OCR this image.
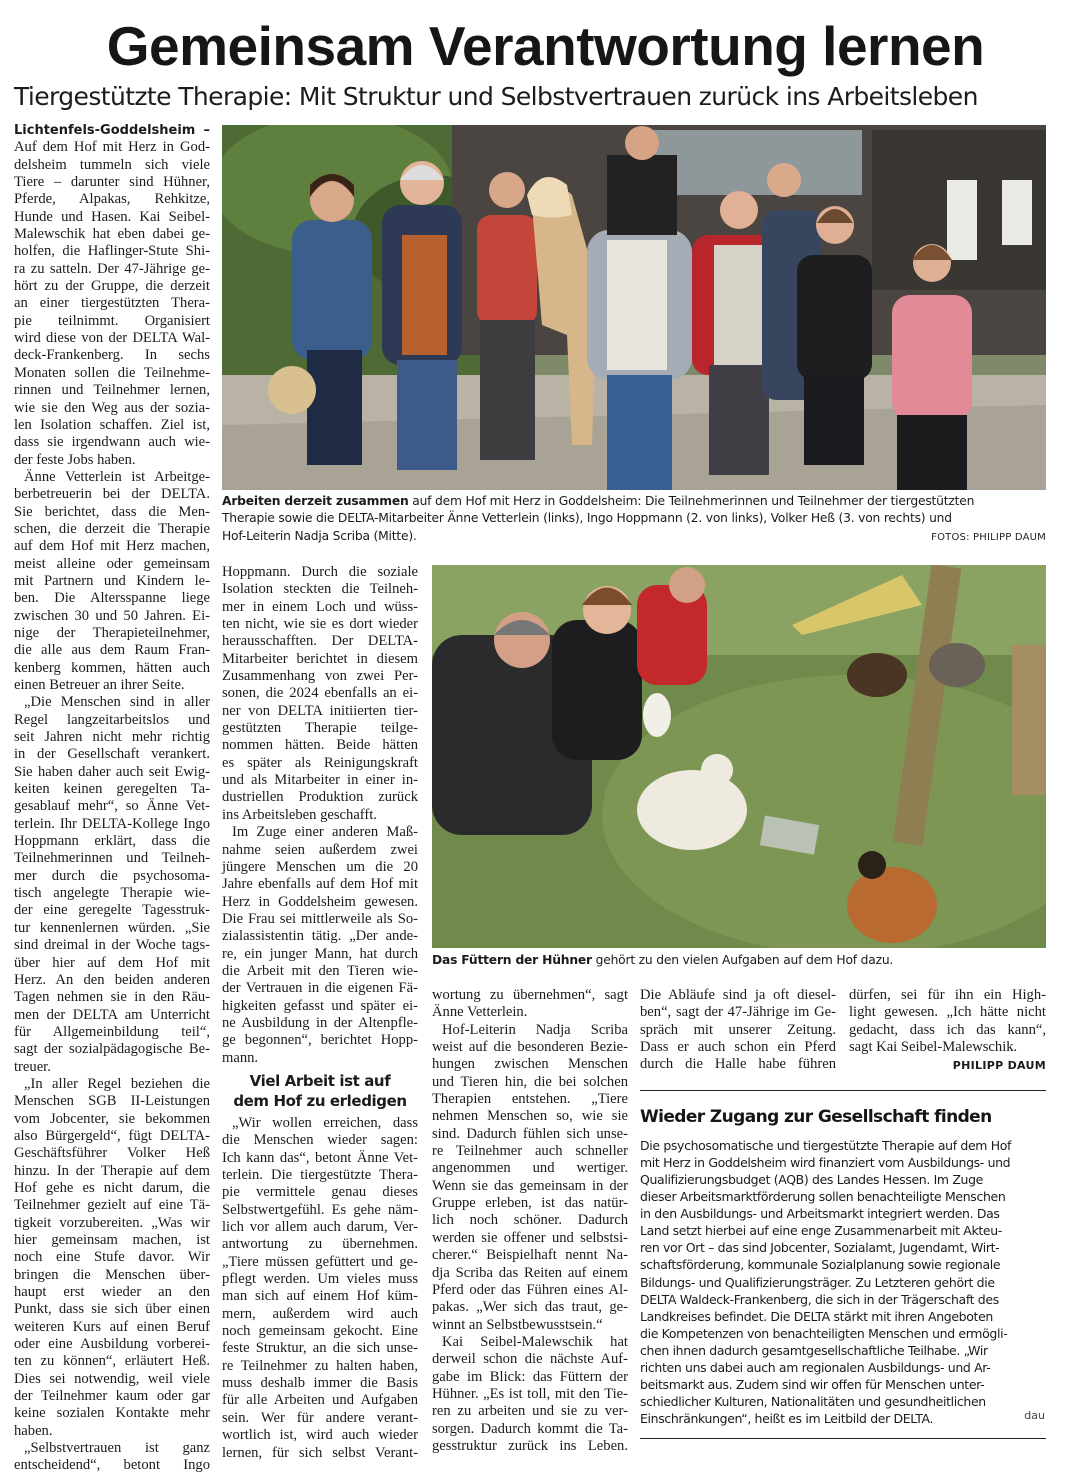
Gemeinsam Verantwortung lernen
Tiergestützte Therapie: Mit Struktur und Selbstvertrauen zurück ins Arbeitsleben
Arbeiten derzeit zusammen auf dem Hof mit Herz in Goddelsheim: Die Teilnehmerinnen und Teilnehmer der tiergestützten
Therapie sowie die DELTA-Mitarbeiter Änne Vetterlein (links), Ingo Hoppmann (2. von links), Volker Heß (3. von rechts) und
Hof-Leiterin Nadja Scriba (Mitte).	FOTOS: PHILIPP DAUM
Das Füttern der Hühner gehört zu den vielen Aufgaben auf dem Hof dazu.
Lichtenfels-Goddelsheim –
Auf dem Hof mit Herz in God-
delsheim tummeln sich viele
Tiere – darunter sind Hühner,
Pferde, Alpakas, Rehkitze,
Hunde und Hasen. Kai Seibel-
Malewschik hat eben dabei ge-
holfen, die Haflinger-Stute Shi-
ra zu satteln. Der 47-Jährige ge-
hört zu der Gruppe, die derzeit
an einer tiergestützten Thera-
pie teilnimmt. Organisiert
wird diese von der DELTA Wal-
deck-Frankenberg. In sechs
Monaten sollen die Teilnehme-
rinnen und Teilnehmer lernen,
wie sie den Weg aus der sozia-
len Isolation schaffen. Ziel ist,
dass sie irgendwann auch wie-
der feste Jobs haben.
Änne Vetterlein ist Arbeitge-
berbetreuerin bei der DELTA.
Sie berichtet, dass die Men-
schen, die derzeit die Therapie
auf dem Hof mit Herz machen,
meist alleine oder gemeinsam
mit Partnern und Kindern le-
ben. Die Altersspanne liege
zwischen 30 und 50 Jahren. Ei-
nige der Therapieteilnehmer,
die alle aus dem Raum Fran-
kenberg kommen, hätten auch
einen Betreuer an ihrer Seite.
„Die Menschen sind in aller
Regel langzeitarbeitslos und
seit Jahren nicht mehr richtig
in der Gesellschaft verankert.
Sie haben daher auch seit Ewig-
keiten keinen geregelten Ta-
gesablauf mehr“, so Änne Vet-
terlein. Ihr DELTA-Kollege Ingo
Hoppmann erklärt, dass die
Teilnehmerinnen und Teilneh-
mer durch die psychosoma-
tisch angelegte Therapie wie-
der eine geregelte Tagesstruk-
tur kennenlernen würden. „Sie
sind dreimal in der Woche tags-
über hier auf dem Hof mit
Herz. An den beiden anderen
Tagen nehmen sie in den Räu-
men der DELTA am Unterricht
für Allgemeinbildung teil“,
sagt der sozialpädagogische Be-
treuer.
„In aller Regel beziehen die
Menschen SGB II-Leistungen
vom Jobcenter, sie bekommen
also Bürgergeld“, fügt DELTA-
Geschäftsführer Volker Heß
hinzu. In der Therapie auf dem
Hof gehe es nicht darum, die
Teilnehmer gezielt auf eine Tä-
tigkeit vorzubereiten. „Was wir
hier gemeinsam machen, ist
noch eine Stufe davor. Wir
bringen die Menschen über-
haupt erst wieder an den
Punkt, dass sie sich über einen
weiteren Kurs auf einen Beruf
oder eine Ausbildung vorberei-
ten zu können“, erläutert Heß.
Dies sei notwendig, weil viele
der Teilnehmer kaum oder gar
keine sozialen Kontakte mehr
haben.
„Selbstvertrauen ist ganz
entscheidend“, betont Ingo
Hoppmann. Durch die soziale
Isolation steckten die Teilneh-
mer in einem Loch und wüss-
ten nicht, wie sie es dort wieder
herausschafften. Der DELTA-
Mitarbeiter berichtet in diesem
Zusammenhang von zwei Per-
sonen, die 2024 ebenfalls an ei-
ner von DELTA initiierten tier-
gestützten Therapie teilge-
nommen hätten. Beide hätten
es später als Reinigungskraft
und als Mitarbeiter in einer in-
dustriellen Produktion zurück
ins Arbeitsleben geschafft.
Im Zuge einer anderen Maß-
nahme seien außerdem zwei
jüngere Menschen um die 20
Jahre ebenfalls auf dem Hof mit
Herz in Goddelsheim gewesen.
Die Frau sei mittlerweile als So-
zialassistentin tätig. „Der ande-
re, ein junger Mann, hat durch
die Arbeit mit den Tieren wie-
der Vertrauen in die eigenen Fä-
higkeiten gefasst und später ei-
ne Ausbildung in der Altenpfle-
ge begonnen“, berichtet Hopp-
mann.
Viel Arbeit ist auf
dem Hof zu erledigen
„Wir wollen erreichen, dass
die Menschen wieder sagen:
Ich kann das“, betont Änne Vet-
terlein. Die tiergestützte Thera-
pie vermittele genau dieses
Selbstwertgefühl. Es gehe näm-
lich vor allem auch darum, Ver-
antwortung zu übernehmen.
„Tiere müssen gefüttert und ge-
pflegt werden. Um vieles muss
man sich auf einem Hof küm-
mern, außerdem wird auch
noch gemeinsam gekocht. Eine
feste Struktur, an die sich unse-
re Teilnehmer zu halten haben,
muss deshalb immer die Basis
für alle Arbeiten und Aufgaben
sein. Wer für andere verant-
wortlich ist, wird auch wieder
lernen, für sich selbst Verant-
wortung zu übernehmen“, sagt
Änne Vetterlein.
Hof-Leiterin Nadja Scriba
weist auf die besonderen Bezie-
hungen zwischen Menschen
und Tieren hin, die bei solchen
Therapien entstehen. „Tiere
nehmen Menschen so, wie sie
sind. Dadurch fühlen sich unse-
re Teilnehmer auch schneller
angenommen und wertiger.
Wenn sie das gemeinsam in der
Gruppe erleben, ist das natür-
lich noch schöner. Dadurch
werden sie offener und selbstsi-
cherer.“ Beispielhaft nennt Na-
dja Scriba das Reiten auf einem
Pferd oder das Führen eines Al-
pakas. „Wer sich das traut, ge-
winnt an Selbstbewusstsein.“
Kai Seibel-Malewschik hat
derweil schon die nächste Auf-
gabe im Blick: das Füttern der
Hühner. „Es ist toll, mit den Tie-
ren zu arbeiten und sie zu ver-
sorgen. Dadurch kommt die Ta-
gesstruktur zurück ins Leben.
Die Abläufe sind ja oft diesel-
ben“, sagt der 47-Jährige im Ge-
spräch mit unserer Zeitung.
Dass er auch schon ein Pferd
durch die Halle habe führen
dürfen, sei für ihn ein High-
light gewesen. „Ich hätte nicht
gedacht, dass ich das kann“,
sagt Kai Seibel-Malewschik.
PHILIPP DAUM
Wieder Zugang zur Gesellschaft finden
Die psychosomatische und tiergestützte Therapie auf dem Hof
mit Herz in Goddelsheim wird finanziert vom Ausbildungs- und
Qualifizierungsbudget (AQB) des Landes Hessen. Im Zuge
dieser Arbeitsmarktförderung sollen benachteiligte Menschen
in den Ausbildungs- und Arbeitsmarkt integriert werden. Das
Land setzt hierbei auf eine enge Zusammenarbeit mit Akteu-
ren vor Ort – das sind Jobcenter, Sozialamt, Jugendamt, Wirt-
schaftsförderung, kommunale Sozialplanung sowie regionale
Bildungs- und Qualifizierungsträger. Zu Letzteren gehört die
DELTA Waldeck-Frankenberg, die sich in der Trägerschaft des
Landkreises befindet. Die DELTA stärkt mit ihren Angeboten
die Kompetenzen von benachteiligten Menschen und ermögli-
chen ihnen dadurch gesamtgesellschaftliche Teilhabe. „Wir
richten uns dabei auch am regionalen Ausbildungs- und Ar-
beitsmarkt aus. Zudem sind wir offen für Menschen unter-
schiedlicher Kulturen, Nationalitäten und gesundheitlichen
Einschränkungen“, heißt es im Leitbild der DELTA.	dau
